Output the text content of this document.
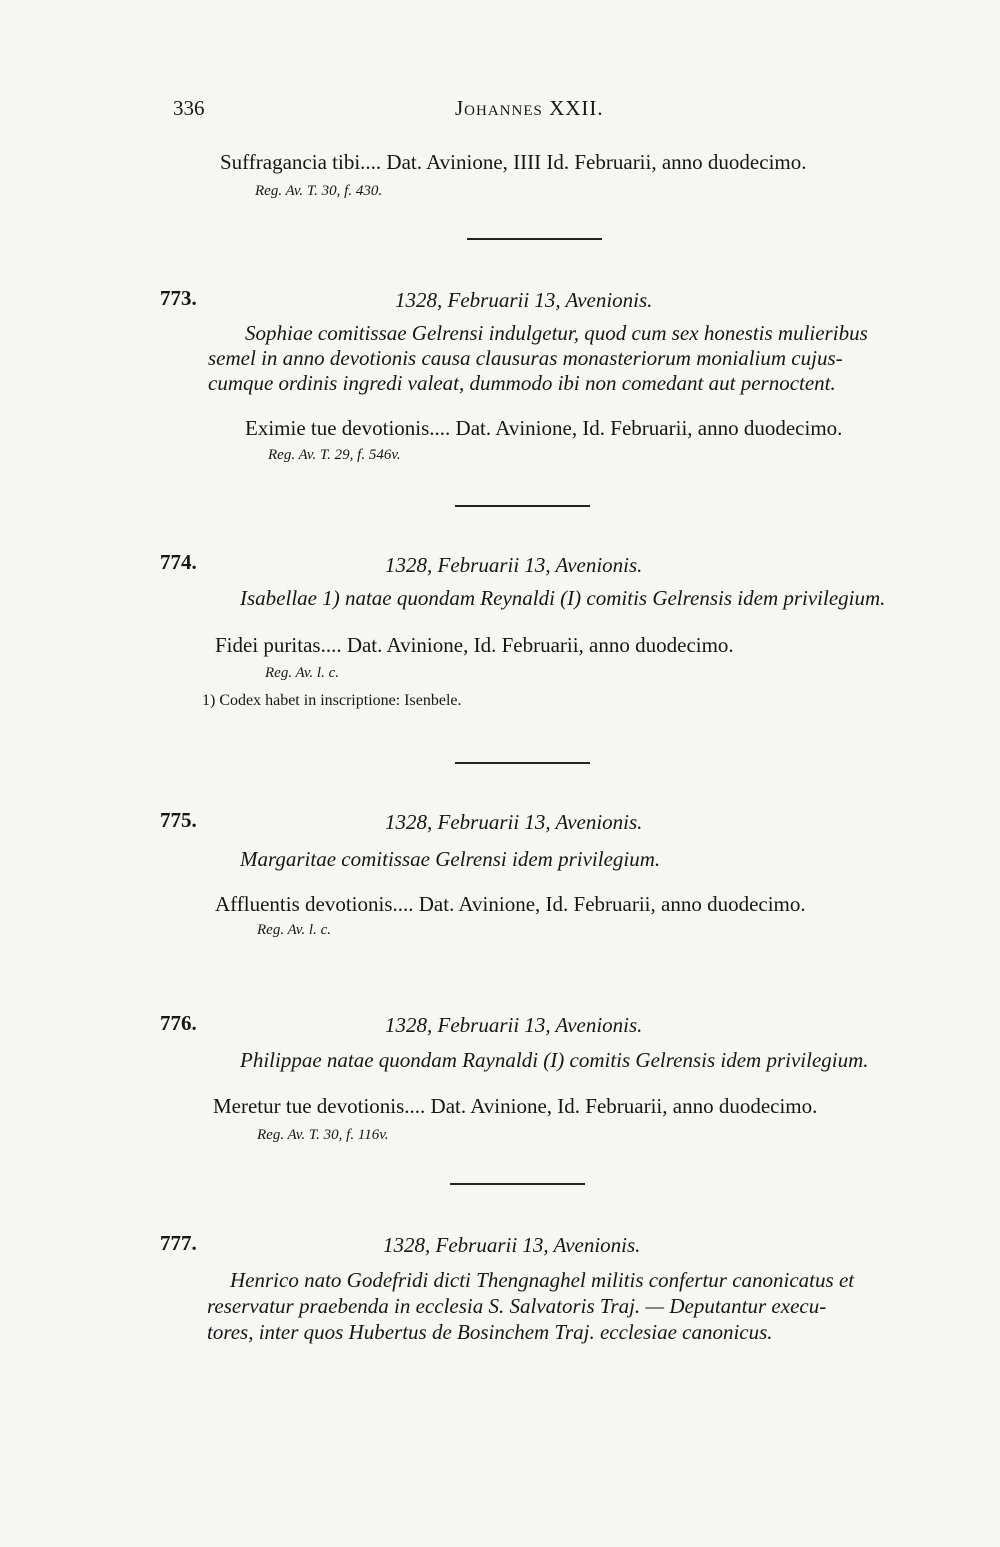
336	Johannes XXII.
Suffragancia tibi.... Dat. Avinione, IIII Id. Februarii, anno duodecimo.
Reg. Av. T. 30, f. 430.
773.	1328, Februarii 13, Avenionis.
Sophiae comitissae Gelrensi indulgetur, quod cum sex honestis mulieribus
semel in anno devotionis causa clausuras monasteriorum monialium cujus-
cumque ordinis ingredi valeat, dummodo ibi non comedant aut pernoctent.
Eximie tue devotionis.... Dat. Avinione, Id. Februarii, anno duodecimo.
Reg. Av. T. 29, f. 546v.
774.	1328, Februarii 13, Avenionis.
Isabellae 1) natae quondam Reynaldi (I) comitis Gelrensis idem privilegium.
Fidei puritas.... Dat. Avinione, Id. Februarii, anno duodecimo.
Reg. Av. l. c.
1) Codex habet in inscriptione: Isenbele.
775.	1328, Februarii 13, Avenionis.
Margaritae comitissae Gelrensi idem privilegium.
Affluentis devotionis.... Dat. Avinione, Id. Februarii, anno duodecimo.
Reg. Av. l. c.
776.	1328, Februarii 13, Avenionis.
Philippae natae quondam Raynaldi (I) comitis Gelrensis idem privilegium.
Meretur tue devotionis.... Dat. Avinione, Id. Februarii, anno duodecimo.
Reg. Av. T. 30, f. 116v.
777.	1328, Februarii 13, Avenionis.
Henrico nato Godefridi dicti Thengnaghel militis confertur canonicatus et
reservatur praebenda in ecclesia S. Salvatoris Traj. — Deputantur execu-
tores, inter quos Hubertus de Bosinchem Traj. ecclesiae canonicus.
